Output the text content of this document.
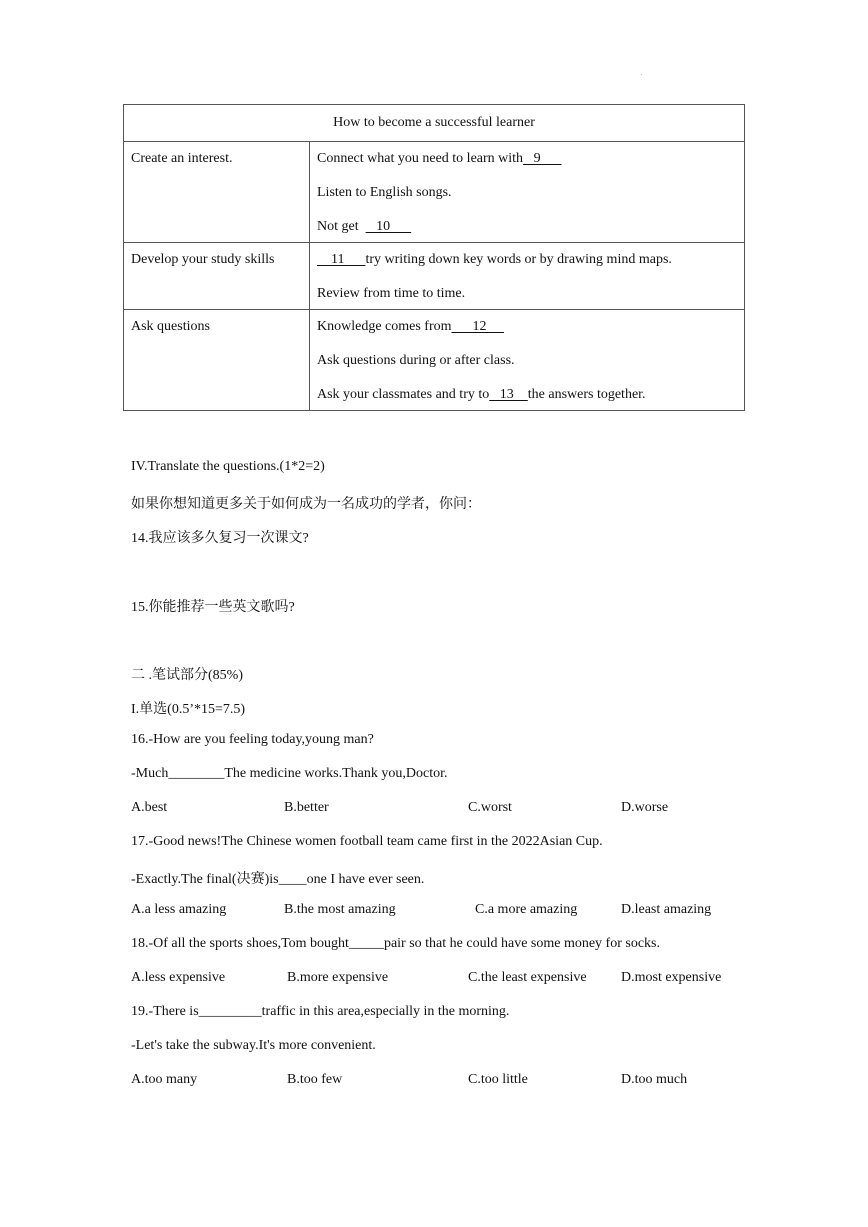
How to become a successful learner	
Create an interest.	Connect what you need to learn with   9
Listen to English songs.
Not get     10

Develop your study skills	11      try writing down key words or by drawing mind maps.
Review from time to time.

Ask questions	Knowledge comes from      12
Ask questions during or after class.
Ask your classmates and try to   13    the answers together.
IV.Translate the questions.(1*2=2)
如果你想知道更多关于如何成为一名成功的学者，你问：
14.我应该多久复习一次课文?
15.你能推荐一些英文歌吗?
二 .笔试部分(85%)
I.单选(0.5’*15=7.5)
16.-How are you feeling today,young man?
-Much________The medicine works.Thank you,Doctor.
A.best	B.better	C.worst	D.worse
17.-Good news!The Chinese women football team came first in the 2022Asian Cup.
-Exactly.The final(决赛)is____one I have ever seen.
A.a less amazing	B.the most amazing	C.a more amazing	D.least amazing
18.-Of all the sports shoes,Tom bought_____pair so that he could have some money for socks.
A.less expensive	B.more expensive	C.the least expensive D.most expensive
19.-There is_________traffic in this area,especially in the morning.
-Let's take the subway.It's more convenient.
A.too many	B.too few	C.too little	D.too much
